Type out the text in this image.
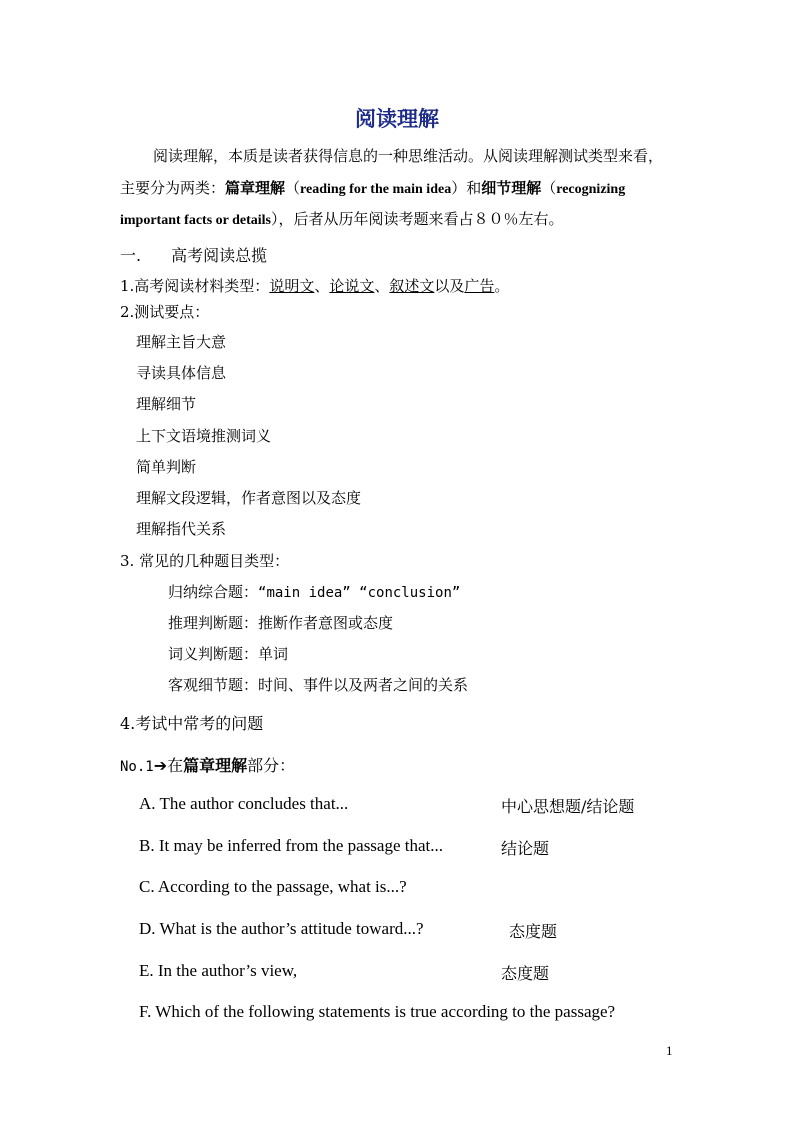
阅读理解
阅读理解，本质是读者获得信息的一种思维活动。从阅读理解测试类型来看，
主要分为两类：篇章理解（reading for the main idea）和细节理解（recognizing
important facts or details），后者从历年阅读考题来看占８０％左右。
一. 高考阅读总揽
1.高考阅读材料类型：说明文、论说文、叙述文以及广告。
2.测试要点：
理解主旨大意
寻读具体信息
理解细节
上下文语境推测词义
简单判断
理解文段逻辑，作者意图以及态度
理解指代关系
3. 常见的几种题目类型：
归纳综合题：“main idea” “conclusion”
推理判断题：推断作者意图或态度
词义判断题：单词
客观细节题：时间、事件以及两者之间的关系
4.考试中常考的问题
No.1➔在篇章理解部分：
A. The author concludes that...	中心思想题/结论题
B. It may be inferred from the passage that...	结论题
C. According to the passage, what is...?
D. What is the author’s attitude toward...?	态度题
E. In the author’s view,	态度题
F. Which of the following statements is true according to the passage?
1
